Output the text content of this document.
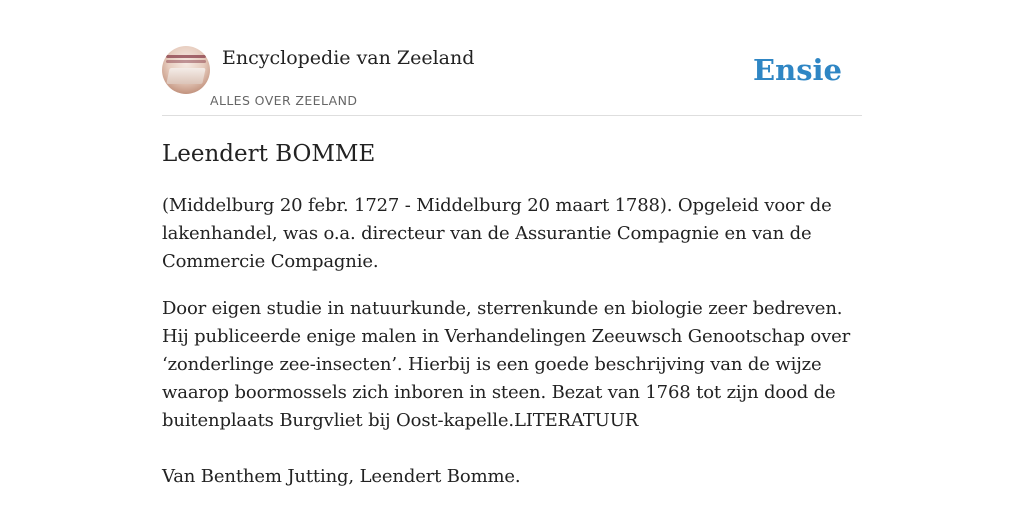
Encyclopedie van Zeeland
ALLES OVER ZEELAND
Ensie
Leendert BOMME

(Middelburg 20 febr. 1727 - Middelburg 20 maart 1788). Opgeleid voor de lakenhandel, was o.a. directeur van de Assurantie Compagnie en van de Commercie Compagnie.

Door eigen studie in natuurkunde, sterrenkunde en biologie zeer bedreven. Hij publiceerde enige malen in Verhandelingen Zeeuwsch Genootschap over ‘zonderlinge zee-insecten’. Hierbij is een goede beschrijving van de wijze waarop boormossels zich inboren in steen. Bezat van 1768 tot zijn dood de buitenplaats Burgvliet bij Oost-kapelle.LITERATUUR

Van Benthem Jutting, Leendert Bomme.
